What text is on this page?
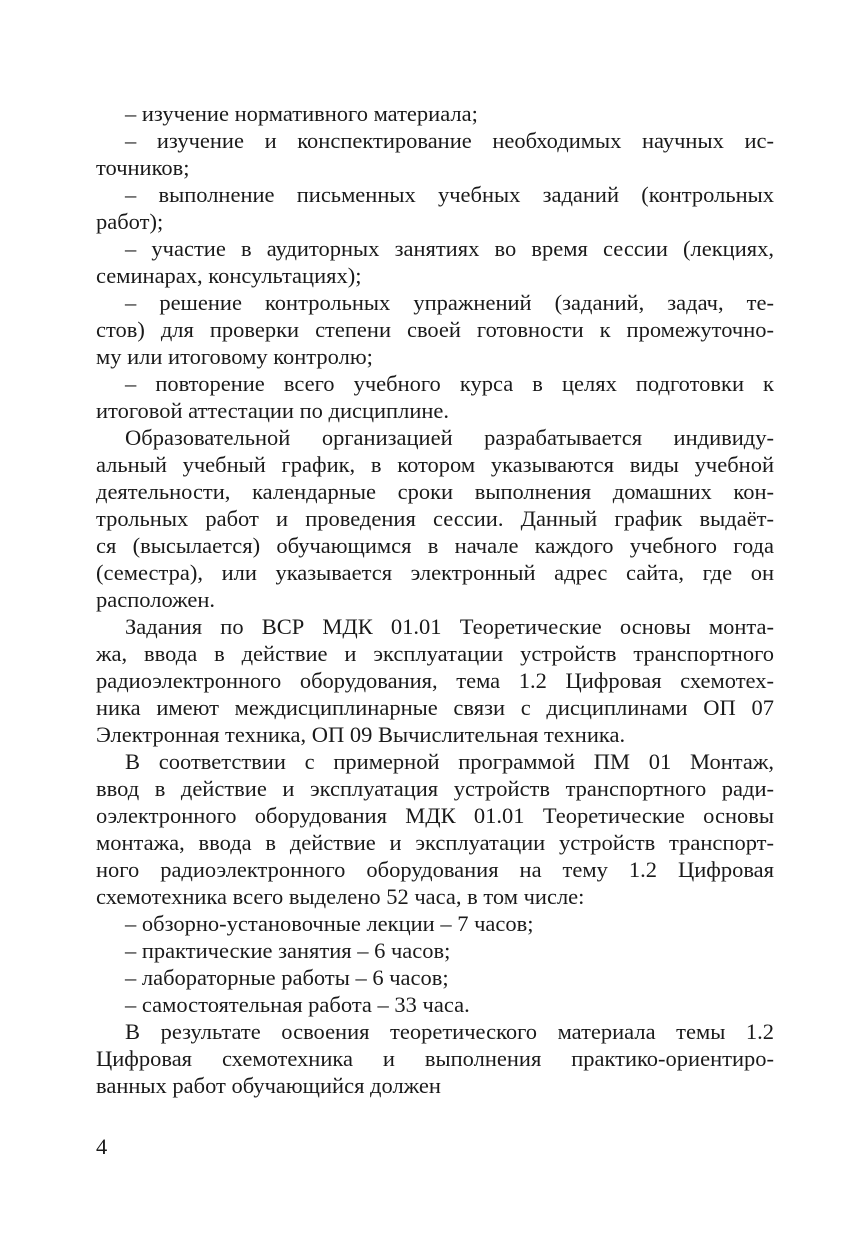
– изучение нормативного материала;
– изучение и конспектирование необходимых научных ис-
точников;
– выполнение письменных учебных заданий (контрольных
работ);
– участие в аудиторных занятиях во время сессии (лекциях,
семинарах, консультациях);
– решение контрольных упражнений (заданий, задач, те-
стов) для проверки степени своей готовности к промежуточно-
му или итоговому контролю;
– повторение всего учебного курса в целях подготовки к
итоговой аттестации по дисциплине.
Образовательной организацией разрабатывается индивиду-
альный учебный график, в котором указываются виды учебной
деятельности, календарные сроки выполнения домашних кон-
трольных работ и проведения сессии. Данный график выдаёт-
ся (высылается) обучающимся в начале каждого учебного года
(семестра), или указывается электронный адрес сайта, где он
расположен.
Задания по ВСР МДК 01.01 Теоретические основы монта-
жа, ввода в действие и эксплуатации устройств транспортного
радиоэлектронного оборудования, тема 1.2 Цифровая схемотех-
ника имеют междисциплинарные связи с дисциплинами ОП 07
Электронная техника, ОП 09 Вычислительная техника.
В соответствии с примерной программой ПМ 01 Монтаж,
ввод в действие и эксплуатация устройств транспортного ради-
оэлектронного оборудования МДК 01.01 Теоретические основы
монтажа, ввода в действие и эксплуатации устройств транспорт-
ного радиоэлектронного оборудования на тему 1.2 Цифровая
схемотехника всего выделено 52 часа, в том числе:
– обзорно-установочные лекции – 7 часов;
– практические занятия – 6 часов;
– лабораторные работы – 6 часов;
– самостоятельная работа – 33 часа.
В результате освоения теоретического материала темы 1.2
Цифровая схемотехника и выполнения практико-ориентиро-
ванных работ обучающийся должен
4
